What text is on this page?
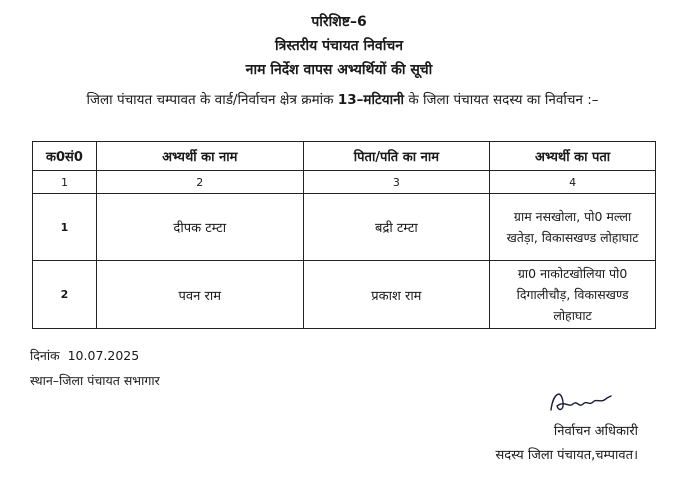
परिशिष्ट–6
त्रिस्तरीय पंचायत निर्वाचन
नाम निर्देश वापस अभ्यर्थियों की सूची
जिला पंचायत चम्पावत के वार्ड/निर्वाचन क्षेत्र क्रमांक 13–मटियानी के जिला पंचायत सदस्य का निर्वाचन :–
क0सं0	अभ्यर्थी का नाम	पिता/पति का नाम	अभ्यर्थी का पता
1	2	3	4
1	दीपक टम्टा	बद्री टम्टा	ग्राम नसखोला, पो0 मल्ला
खतेड़ा, विकासखण्ड लोहाघाट

2	पवन राम	प्रकाश राम	ग्रा0 नाकोटखोलिया पो0
दिगालीचौड़, विकासखण्ड
लोहाघाट
दिनांक 10.07.2025
स्थान–जिला पंचायत सभागार
निर्वाचन अधिकारी
सदस्य जिला पंचायत,चम्पावत।
